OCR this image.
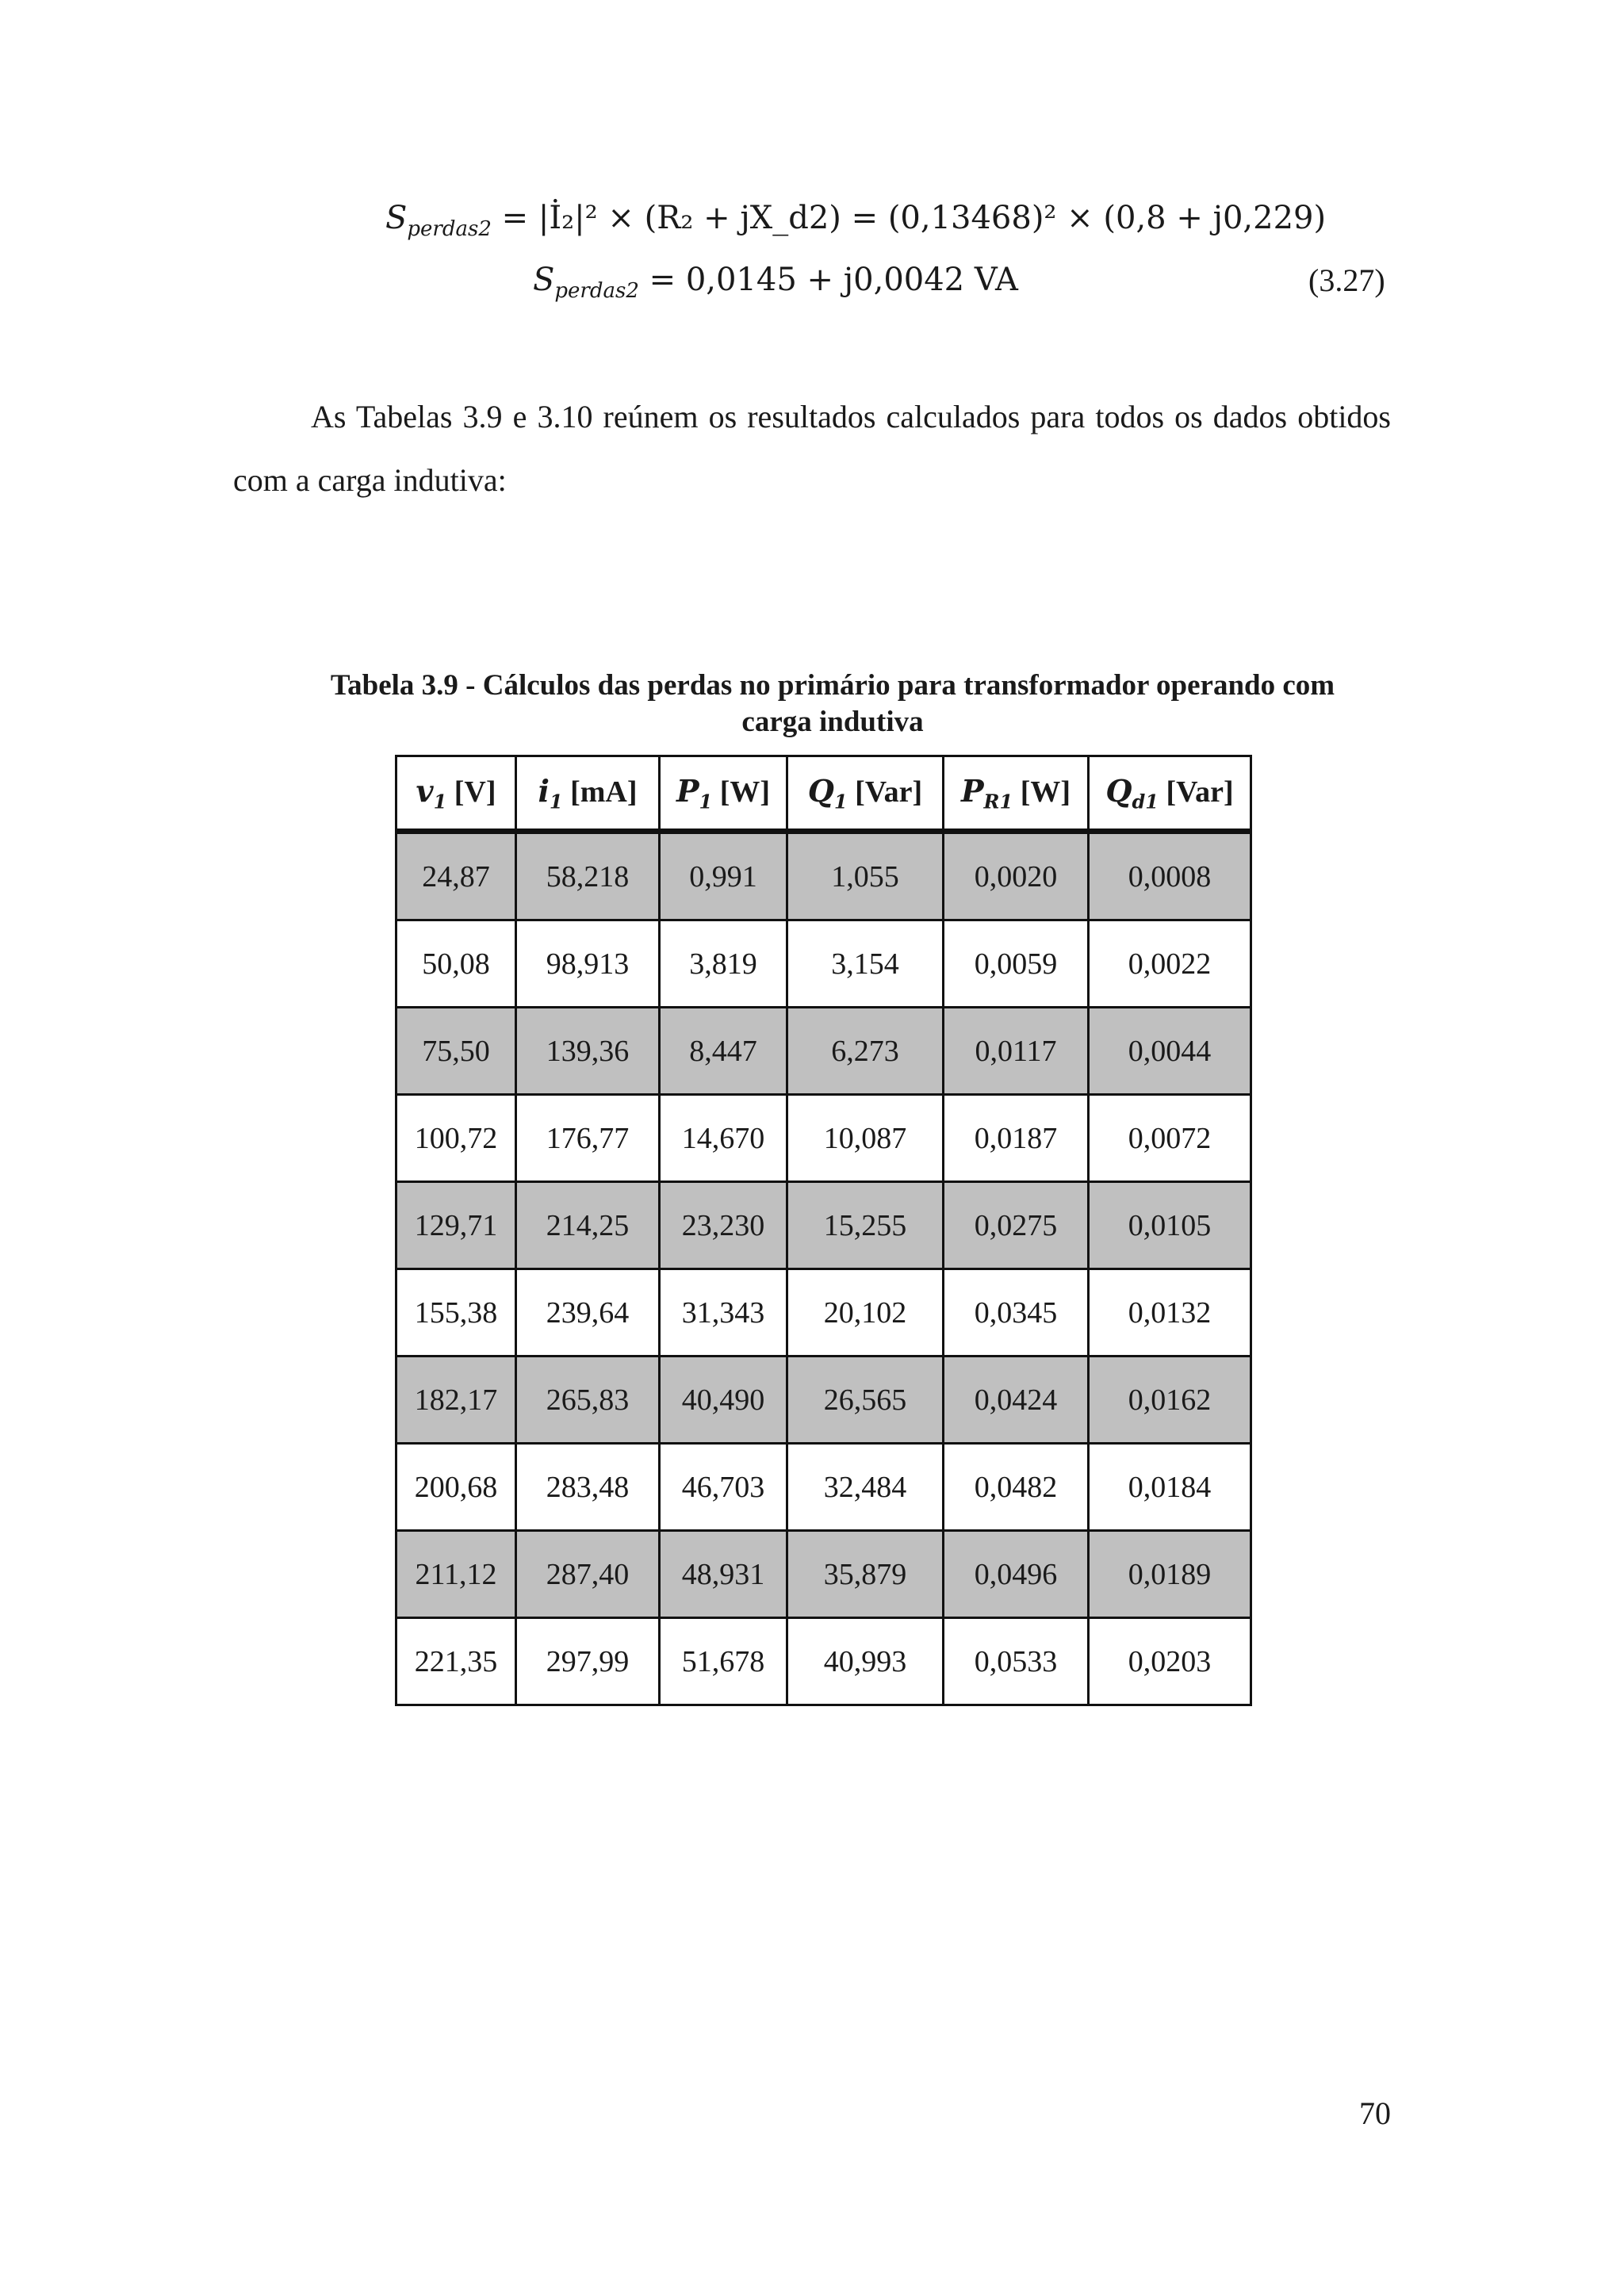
$S_{perdas2}$ = |İ₂|² × (R₂ + jX_d2) = (0,13468)² × (0,8 + j0,229)
$S_{perdas2} = 0,0145 + j0,0042$ VA	(3.27)
As Tabelas 3.9 e 3.10 reúnem os resultados calculados para todos os dados obtidos com a carga indutiva:
Tabela 3.9 - Cálculos das perdas no primário para transformador operando com carga indutiva
$v_1$ [V]	$i_1$ [mA]	$P_1$ [W]	$Q_1$ [Var]	$P_{R1}$ [W]	$Q_{d1}$ [Var]
24,87	58,218	0,991	1,055	0,0020	0,0008
50,08	98,913	3,819	3,154	0,0059	0,0022
75,50	139,36	8,447	6,273	0,0117	0,0044
100,72	176,77	14,670	10,087	0,0187	0,0072
129,71	214,25	23,230	15,255	0,0275	0,0105
155,38	239,64	31,343	20,102	0,0345	0,0132
182,17	265,83	40,490	26,565	0,0424	0,0162
200,68	283,48	46,703	32,484	0,0482	0,0184
211,12	287,40	48,931	35,879	0,0496	0,0189
221,35	297,99	51,678	40,993	0,0533	0,0203
70
